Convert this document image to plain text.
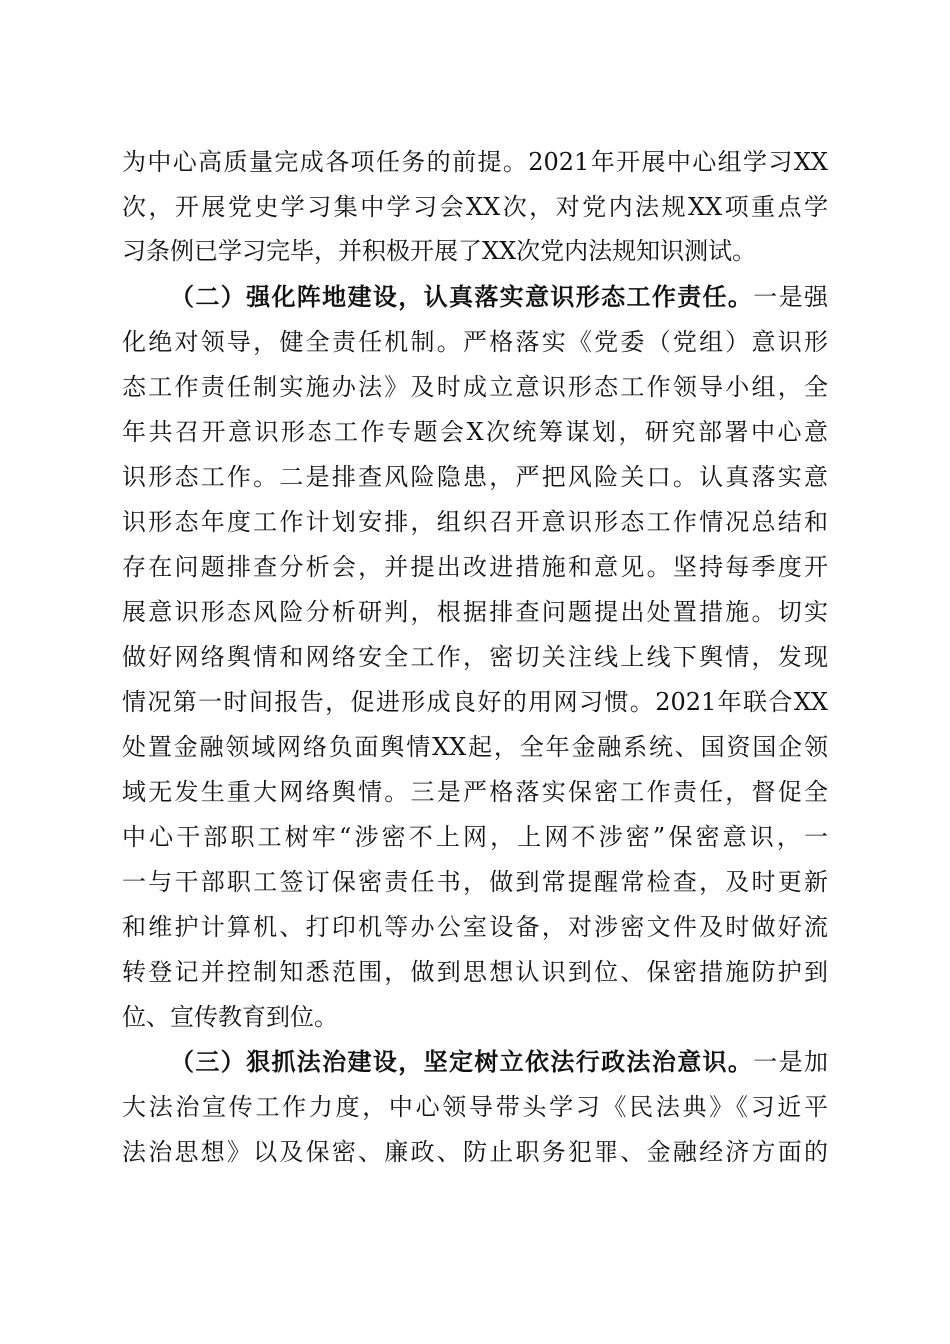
为中心高质量完成各项任务的前提。2021年开展中心组学习XX
次，开展党史学习集中学习会XX次，对党内法规XX项重点学
习条例已学习完毕，并积极开展了XX次党内法规知识测试。
（二）强化阵地建设，认真落实意识形态工作责任。一是强
化绝对领导，健全责任机制。严格落实《党委（党组）意识形
态工作责任制实施办法》及时成立意识形态工作领导小组，全
年共召开意识形态工作专题会X次统筹谋划，研究部署中心意
识形态工作。二是排查风险隐患，严把风险关口。认真落实意
识形态年度工作计划安排，组织召开意识形态工作情况总结和
存在问题排查分析会，并提出改进措施和意见。坚持每季度开
展意识形态风险分析研判，根据排查问题提出处置措施。切实
做好网络舆情和网络安全工作，密切关注线上线下舆情，发现
情况第一时间报告，促进形成良好的用网习惯。2021年联合XX
处置金融领域网络负面舆情XX起，全年金融系统、国资国企领
域无发生重大网络舆情。三是严格落实保密工作责任，督促全
中心干部职工树牢“涉密不上网，上网不涉密”保密意识，一
一与干部职工签订保密责任书，做到常提醒常检查，及时更新
和维护计算机、打印机等办公室设备，对涉密文件及时做好流
转登记并控制知悉范围，做到思想认识到位、保密措施防护到
位、宣传教育到位。
（三）狠抓法治建设，坚定树立依法行政法治意识。一是加
大法治宣传工作力度，中心领导带头学习《民法典》《习近平
法治思想》以及保密、廉政、防止职务犯罪、金融经济方面的
